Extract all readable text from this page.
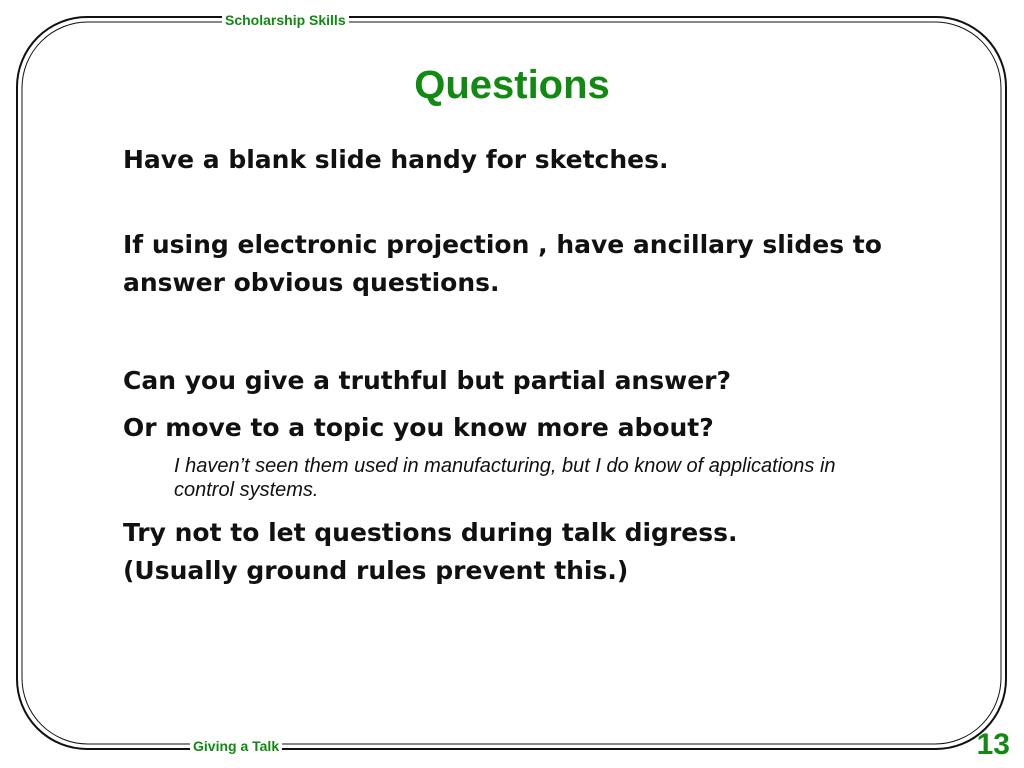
Scholarship Skills
Questions
Have a blank slide handy for sketches.
If using electronic projection , have ancillary slides to answer obvious questions.
Can you give a truthful but partial answer?
Or move to a topic you know more about?
I haven’t seen them used in manufacturing, but I do know of applications in control systems.
Try not to let questions during talk digress. (Usually ground rules prevent this.)
Giving a Talk	13
